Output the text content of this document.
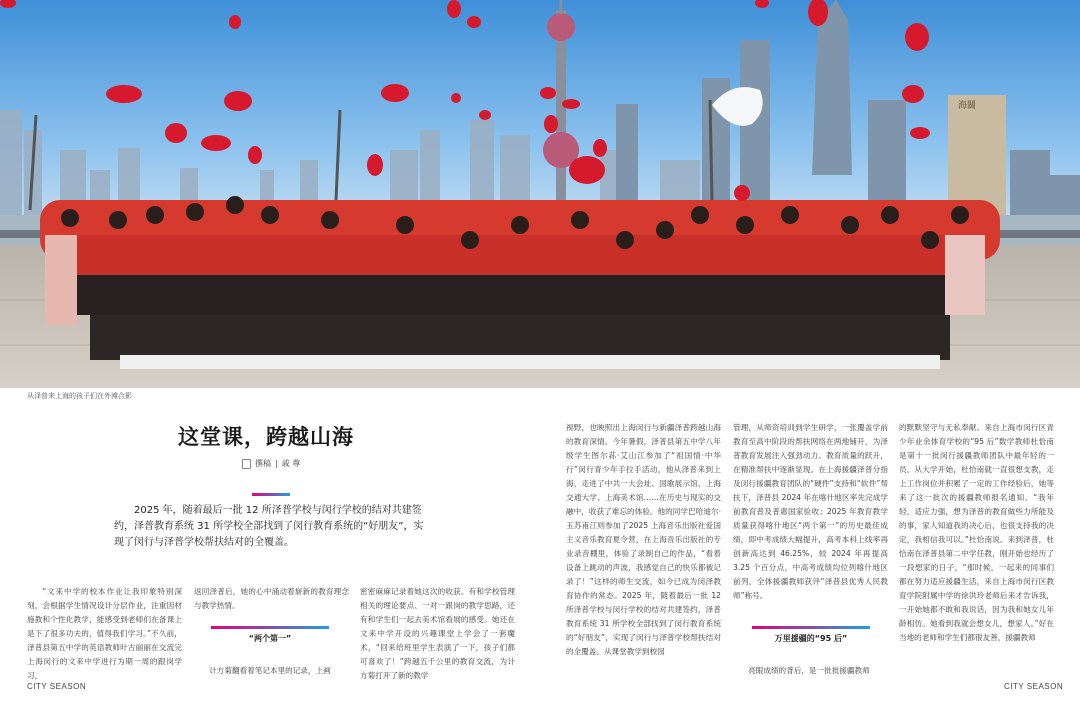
海關
从泽普来上海的孩子们在外滩合影
这堂课，跨越山海
撰稿 | 戚 尊
2025 年，随着最后一批 12 所泽普学校与闵行学校的结对共建签约，泽普教育系统 31 所学校全部找到了闵行教育系统的“好朋友”，实现了闵行与泽普学校帮扶结对的全覆盖。

“文来中学的校本作业让我印象特别深刻，会根据学生情况设计分层作业，注重因材施教和个性化教学，能感受到老师们在备课上是下了很多功夫的，值得我们学习。”不久前，泽普县第五中学的英语教师叶古丽丽在交流完上海闵行的文来中学进行为期一周的跟岗学习，

返回泽普后，她的心中涌动着崭新的教育理念与教学热情。

“两个第一”

计方菊翻看着笔记本里的记录，上画

密密麻麻记录着她这次的收获。有和学校管理相关的理论要点、一对一跟岗的教学思路，还有和学生们一起去美术馆看展的感受。她还在文来中学开设的兴趣课堂上学会了一套魔术，“回来给班里学生表演了一下，孩子们都可喜欢了！”跨越五千公里的教育交流，为计方菊打开了新的教学

视野，也映照出上海闵行与新疆泽普跨越山海的教育深情。今年暑假，泽普县第五中学八年级学生图尔荪·艾山江参加了“祖国情·中华行”闵行青少年手拉手活动，他从泽普来到上海，走进了中共一大会址、国歌展示馆、上海交通大学、上海美术馆……在历史与现实的交融中，收获了难忘的体验。他的同学巴哈迪尔·玉苏甫江则参加了2025 上海音乐出版社爱国主义音乐教育夏令营，在上海音乐出版社的专业录音棚里，体验了录制自己的作品，“看着设备上跳动的声波，我感觉自己的快乐都被记录了！”这样的师生交流，如今已成为闵泽教育协作的常态。2025 年，随着最后一批 12 所泽普学校与闵行学校的结对共建签约，泽普教育系统 31 所学校全部找到了闵行教育系统的“好朋友”，实现了闵行与泽普学校帮扶结对的全覆盖。从课堂教学到校园

管理，从师资培训到学生研学，一张覆盖学前教育至高中阶段的帮扶网络在两地铺开，为泽普教育发展注入强劲动力。教育质量的跃升，在精准帮扶中逐渐显现。在上海援疆泽普分指及闵行援疆教育团队的“硬件”支持和“软件”帮扶下，泽普县 2024 年在喀什地区率先完成学前教育普及普惠国家验收；2025 年教育教学质量获得喀什地区“两个第一”的历史最佳成绩，即中考成绩大幅提升，高考本科上线率再创新高达到 46.25%，较 2024 年再提高 3.25 个百分点，中高考成绩均位列喀什地区前列，全体援疆教师获评“泽普县优秀人民教师”称号。

万里援疆的“95 后”

亮眼成绩的背后，是一批批援疆教师

的默默坚守与无私奉献。来自上海市闵行区青少年业余体育学校的“95 后”数学教师杜恰南是第十一批闵行援疆教师团队中最年轻的一员。从大学开始，杜恰南就一直很想支教，走上工作岗位并积累了一定的工作经验后，她等来了这一批次的援疆教师报名通知。“我年轻，适应力强，想为泽普的教育做些力所能及的事，家人知道我的决心后，也很支持我的决定，我相信我可以。”杜恰南说。来到泽普，杜恰南在泽普县第二中学任教，刚开始也经历了一段想家的日子，“那时候，一起来的同事们都在努力适应援疆生活，来自上海市闵行区教育学院附属中学的徐洪玲老师后来才告诉我，一开始她都不敢和我说话，因为我和她女儿年龄相仿。她看到我就会想女儿，想家人。”好在当地的老师和学生们都很友善，援疆教师

CITY SEASON	CITY SEASON
